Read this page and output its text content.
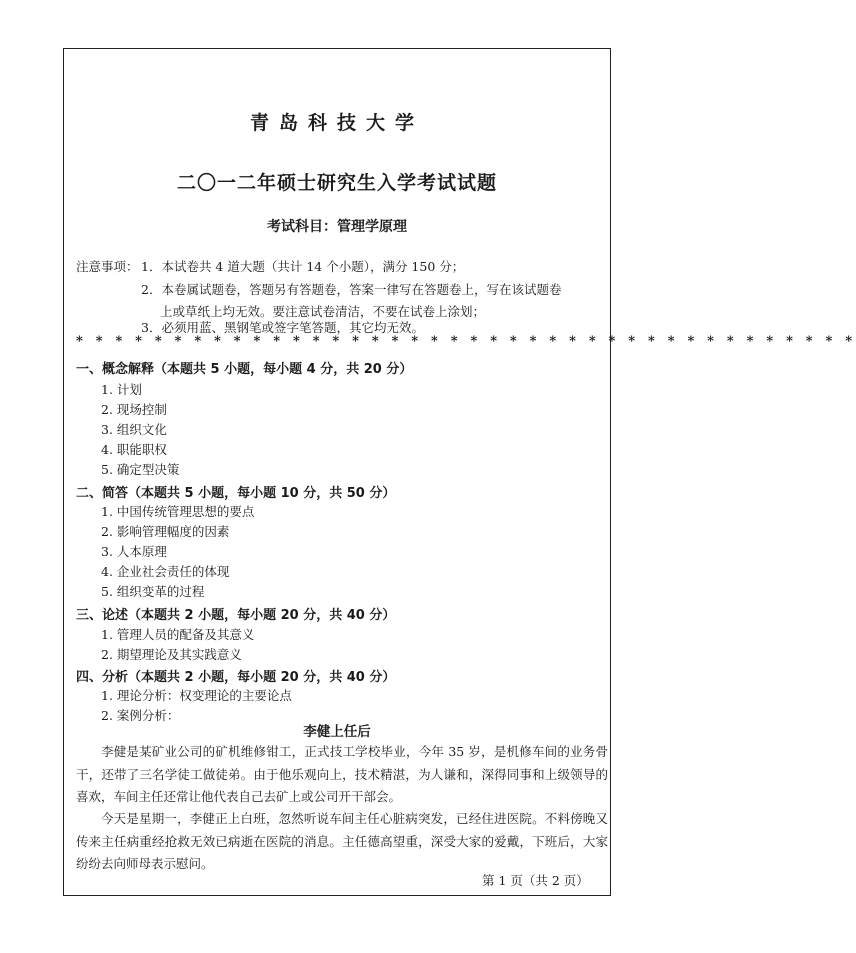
青岛科技大学
二〇一二年硕士研究生入学考试试题
考试科目：管理学原理
注意事项： 1．本试卷共 4 道大题（共计 14 个小题），满分 150 分；
2．本卷属试题卷，答题另有答题卷，答案一律写在答题卷上，写在该试题卷
上或草纸上均无效。要注意试卷清洁，不要在试卷上涂划；
3．必须用蓝、黑钢笔或签字笔答题，其它均无效。
* * * * * * * * * * * * * * * * * * * * * * * * * * * * * * * * * * * * * * * *
一、概念解释（本题共 5 小题，每小题 4 分，共 20 分）
1. 计划
2. 现场控制
3. 组织文化
4. 职能职权
5. 确定型决策
二、简答（本题共 5 小题，每小题 10 分，共 50 分）
1. 中国传统管理思想的要点
2. 影响管理幅度的因素
3. 人本原理
4. 企业社会责任的体现
5. 组织变革的过程
三、论述（本题共 2 小题，每小题 20 分，共 40 分）
1. 管理人员的配备及其意义
2. 期望理论及其实践意义
四、分析（本题共 2 小题，每小题 20 分，共 40 分）
1. 理论分析：权变理论的主要论点
2. 案例分析：
李健上任后
李健是某矿业公司的矿机维修钳工，正式技工学校毕业，今年 35 岁，是机修车间的业务骨干，还带了三名学徒工做徒弟。由于他乐观向上，技术精湛，为人谦和，深得同事和上级领导的喜欢，车间主任还常让他代表自己去矿上或公司开干部会。
今天是星期一，李健正上白班，忽然听说车间主任心脏病突发，已经住进医院。不料傍晚又传来主任病重经抢救无效已病逝在医院的消息。主任德高望重，深受大家的爱戴，下班后，大家纷纷去向师母表示慰问。
第 1 页（共 2 页）
